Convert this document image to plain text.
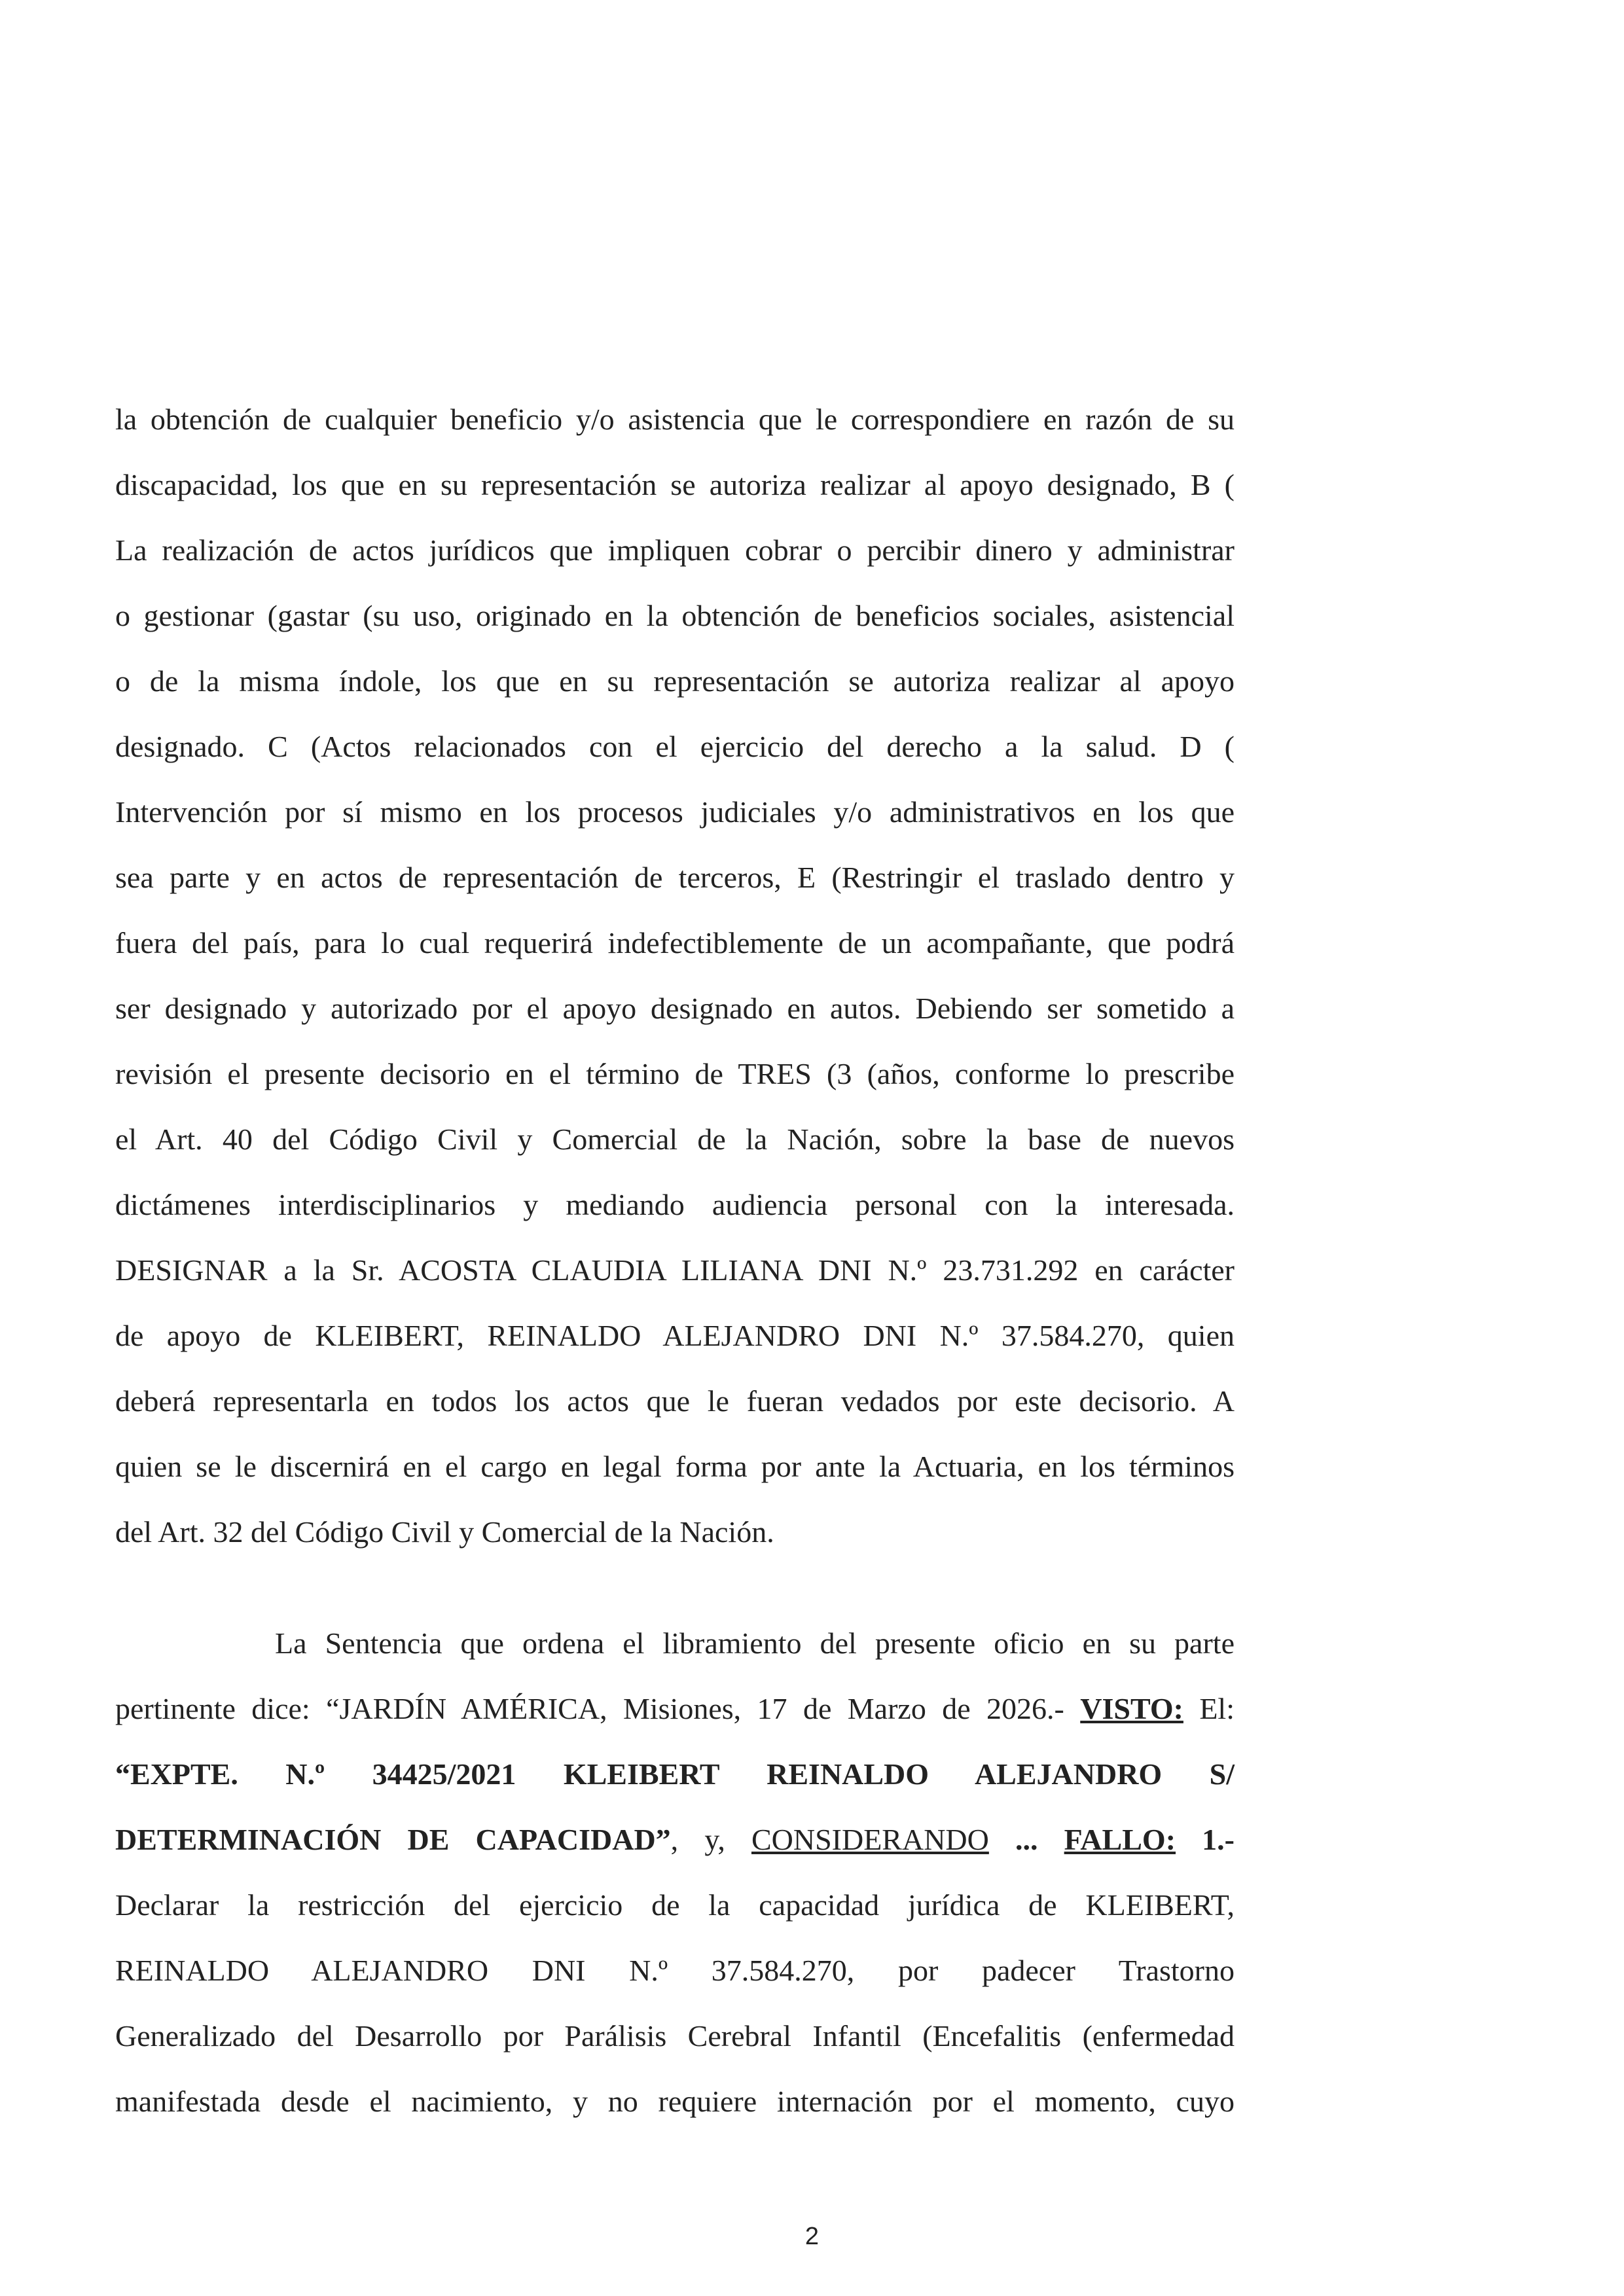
la obtención de cualquier beneficio y/o asistencia que le correspondiere en razón de su
discapacidad, los que en su representación se autoriza realizar al apoyo designado, B (
La realización de actos jurídicos que impliquen cobrar o percibir dinero y administrar
o gestionar (gastar (su uso, originado en la obtención de beneficios sociales, asistencial
o de la misma índole, los que en su representación se autoriza realizar al apoyo
designado. C (Actos relacionados con el ejercicio del derecho a la salud. D (
Intervención por sí mismo en los procesos judiciales y/o administrativos en los que
sea parte y en actos de representación de terceros, E (Restringir el traslado dentro y
fuera del país, para lo cual requerirá indefectiblemente de un acompañante, que podrá
ser designado y autorizado por el apoyo designado en autos. Debiendo ser sometido a
revisión el presente decisorio en el término de TRES (3 (años, conforme lo prescribe
el Art. 40 del Código Civil y Comercial de la Nación, sobre la base de nuevos
dictámenes interdisciplinarios y mediando audiencia personal con la interesada.
DESIGNAR a la Sr. ACOSTA CLAUDIA LILIANA DNI N.º 23.731.292 en carácter
de apoyo de KLEIBERT, REINALDO ALEJANDRO DNI N.º 37.584.270, quien
deberá representarla en todos los actos que le fueran vedados por este decisorio. A
quien se le discernirá en el cargo en legal forma por ante la Actuaria, en los términos
del Art. 32 del Código Civil y Comercial de la Nación.
La Sentencia que ordena el libramiento del presente oficio en su parte
pertinente dice: “JARDÍN AMÉRICA, Misiones, 17 de Marzo de 2026.- VISTO: El:
“EXPTE. N.º 34425/2021 KLEIBERT REINALDO ALEJANDRO S/
DETERMINACIÓN DE CAPACIDAD”, y, CONSIDERANDO ... FALLO: 1.-
Declarar la restricción del ejercicio de la capacidad jurídica de KLEIBERT,
REINALDO ALEJANDRO DNI N.º 37.584.270, por padecer Trastorno
Generalizado del Desarrollo por Parálisis Cerebral Infantil (Encefalitis (enfermedad
manifestada desde el nacimiento, y no requiere internación por el momento, cuyo
2
